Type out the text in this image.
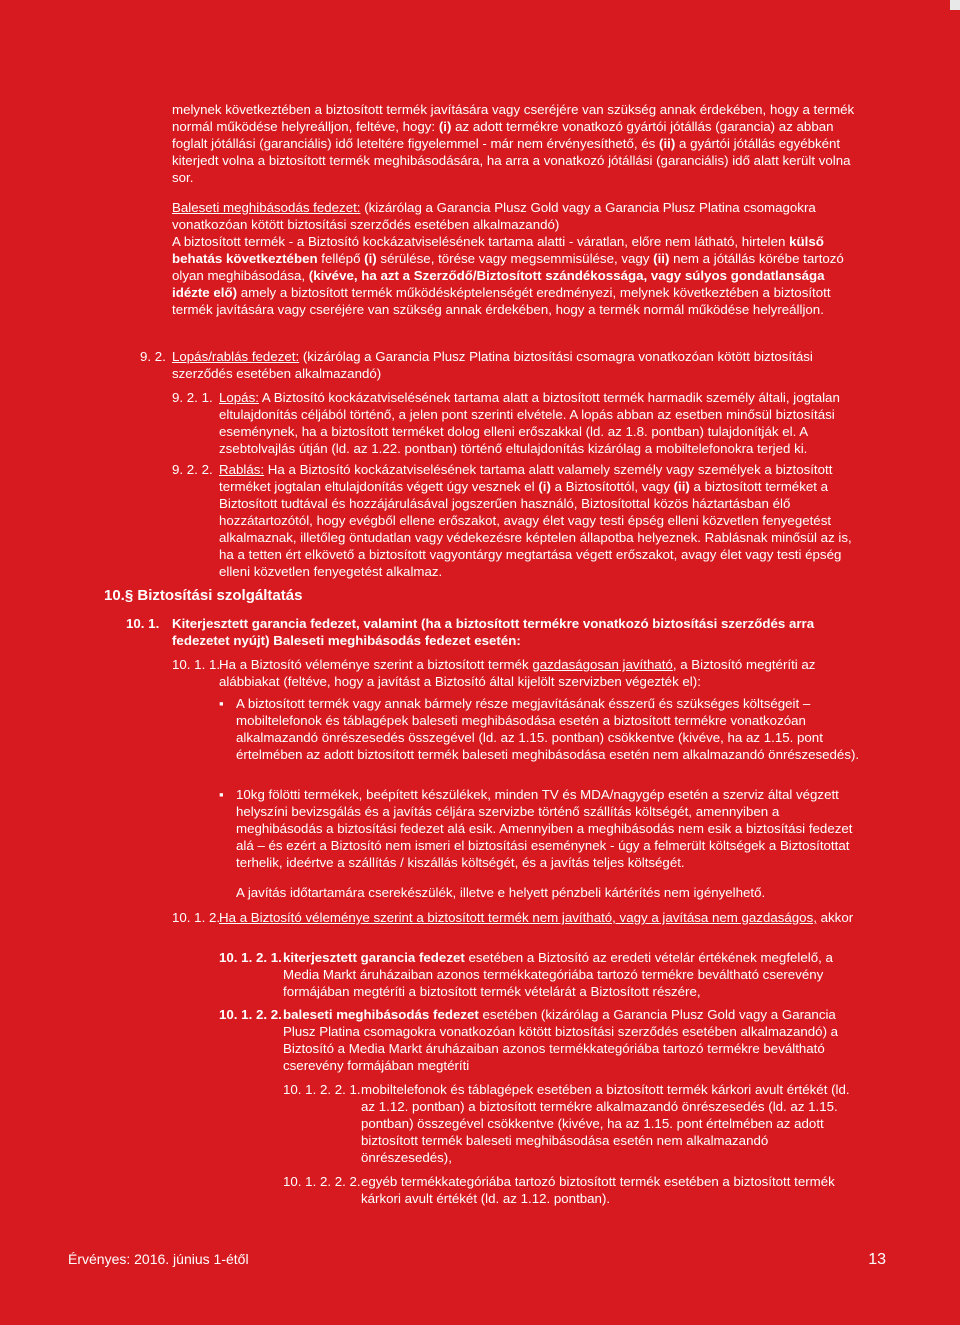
melynek következtében a biztosított termék javítására vagy cseréjére van szükség annak érdekében, hogy a termék normál működése helyreálljon, feltéve, hogy: (i) az adott termékre vonatkozó gyártói jótállás (garancia) az abban foglalt jótállási (garanciális) idő leteltére figyelemmel - már nem érvényesíthető, és (ii) a gyártói jótállás egyébként kiterjedt volna a biztosított termék meghibásodására, ha arra a vonatkozó jótállási (garanciális) idő alatt került volna sor.

Baleseti meghibásodás fedezet: (kizárólag a Garancia Plusz Gold vagy a Garancia Plusz Platina csomagokra vonatkozóan kötött biztosítási szerződés esetében alkalmazandó)

A biztosított termék - a Biztosító kockázatviselésének tartama alatti - váratlan, előre nem látható, hirtelen külső behatás következtében fellépő (i) sérülése, törése vagy megsemmisülése, vagy (ii) nem a jótállás körébe tartozó olyan meghibásodása, (kivéve, ha azt a Szerződő/Biztosított szándékossága, vagy súlyos gondatlansága idézte elő) amely a biztosított termék működésképtelenségét eredményezi, melynek következtében a biztosított termék javítására vagy cseréjére van szükség annak érdekében, hogy a termék normál működése helyreálljon.

9. 2. Lopás/rablás fedezet: (kizárólag a Garancia Plusz Platina biztosítási csomagra vonatkozóan kötött biztosítási szerződés esetében alkalmazandó)

9. 2. 1. Lopás: A Biztosító kockázatviselésének tartama alatt a biztosított termék harmadik személy általi, jogtalan eltulajdonítás céljából történő, a jelen pont szerinti elvétele. A lopás abban az esetben minősül biztosítási eseménynek, ha a biztosított terméket dolog elleni erőszakkal (ld. az 1.8. pontban) tulajdonítják el. A zsebtolvajlás útján (ld. az 1.22. pontban) történő eltulajdonítás kizárólag a mobiltelefonokra terjed ki.

9. 2. 2. Rablás: Ha a Biztosító kockázatviselésének tartama alatt valamely személy vagy személyek a biztosított terméket jogtalan eltulajdonítás végett úgy vesznek el (i) a Biztosítottól, vagy (ii) a biztosított terméket a Biztosított tudtával és hozzájárulásával jogszerűen használó, Biztosítottal közös háztartásban élő hozzátartozótól, hogy evégből ellene erőszakot, avagy élet vagy testi épség elleni közvetlen fenyegetést alkalmaznak, illetőleg öntudatlan vagy védekezésre képtelen állapotba helyeznek. Rablásnak minősül az is, ha a tetten ért elkövető a biztosított vagyontárgy megtartása végett erőszakot, avagy élet vagy testi épség elleni közvetlen fenyegetést alkalmaz.

10.§ Biztosítási szolgáltatás
10. 1. Kiterjesztett garancia fedezet, valamint (ha a biztosított termékre vonatkozó biztosítási szerződés arra fedezetet nyújt) Baleseti meghibásodás fedezet esetén:
10. 1. 1.

Ha a Biztosító véleménye szerint a biztosított termék gazdaságosan javítható, a Biztosító megtéríti az alábbiakat (feltéve, hogy a javítást a Biztosító által kijelölt szervizben végezték el):

▪ A biztosított termék vagy annak bármely része megjavításának ésszerű és szükséges költségeit – mobiltelefonok és táblagépek baleseti meghibásodása esetén a biztosított termékre vonatkozóan alkalmazandó önrészesedés összegével (ld. az 1.15. pontban) csökkentve (kivéve, ha az 1.15. pont értelmében az adott biztosított termék baleseti meghibásodása esetén nem alkalmazandó önrészesedés).
▪ 10kg fölötti termékek, beépített készülékek, minden TV és MDA/nagygép esetén a szerviz által végzett helyszíni bevizsgálás és a javítás céljára szervizbe történő szállítás költségét, amennyiben a meghibásodás a biztosítási fedezet alá esik. Amennyiben a meghibásodás nem esik a biztosítási fedezet alá – és ezért a Biztosító nem ismeri el biztosítási eseménynek - úgy a felmerült költségek a Biztosítottat terhelik, ideértve a szállítás / kiszállás költségét, és a javítás teljes költségét.
A javítás időtartamára cserekészülék, illetve e helyett pénzbeli kártérítés nem igényelhető.
10. 1. 2.

Ha a Biztosító véleménye szerint a biztosított termék nem javítható, vagy a javítása nem gazdaságos, akkor

10. 1. 2. 1. kiterjesztett garancia fedezet esetében a Biztosító az eredeti vételár értékének megfelelő, a Media Markt áruházaiban azonos termékkategóriába tartozó termékre beváltható cserevény formájában megtéríti a biztosított termék vételárát a Biztosított részére,

10. 1. 2. 2. baleseti meghibásodás fedezet esetében (kizárólag a Garancia Plusz Gold vagy a Garancia Plusz Platina csomagokra vonatkozóan kötött biztosítási szerződés esetében alkalmazandó) a Biztosító a Media Markt áruházaiban azonos termékkategóriába tartozó termékre beváltható cserevény formájában megtéríti

10. 1. 2. 2. 1. mobiltelefonok és táblagépek esetében a biztosított termék kárkori avult értékét (ld. az 1.12. pontban) a biztosított termékre alkalmazandó önrészesedés (ld. az 1.15. pontban) összegével csökkentve (kivéve, ha az 1.15. pont értelmében az adott biztosított termék baleseti meghibásodása esetén nem alkalmazandó önrészesedés),
10. 1. 2. 2. 2. egyéb termékkategóriába tartozó biztosított termék esetében a biztosított termék kárkori avult értékét (ld. az 1.12. pontban).
Érvényes: 2016. június 1-étől	13
